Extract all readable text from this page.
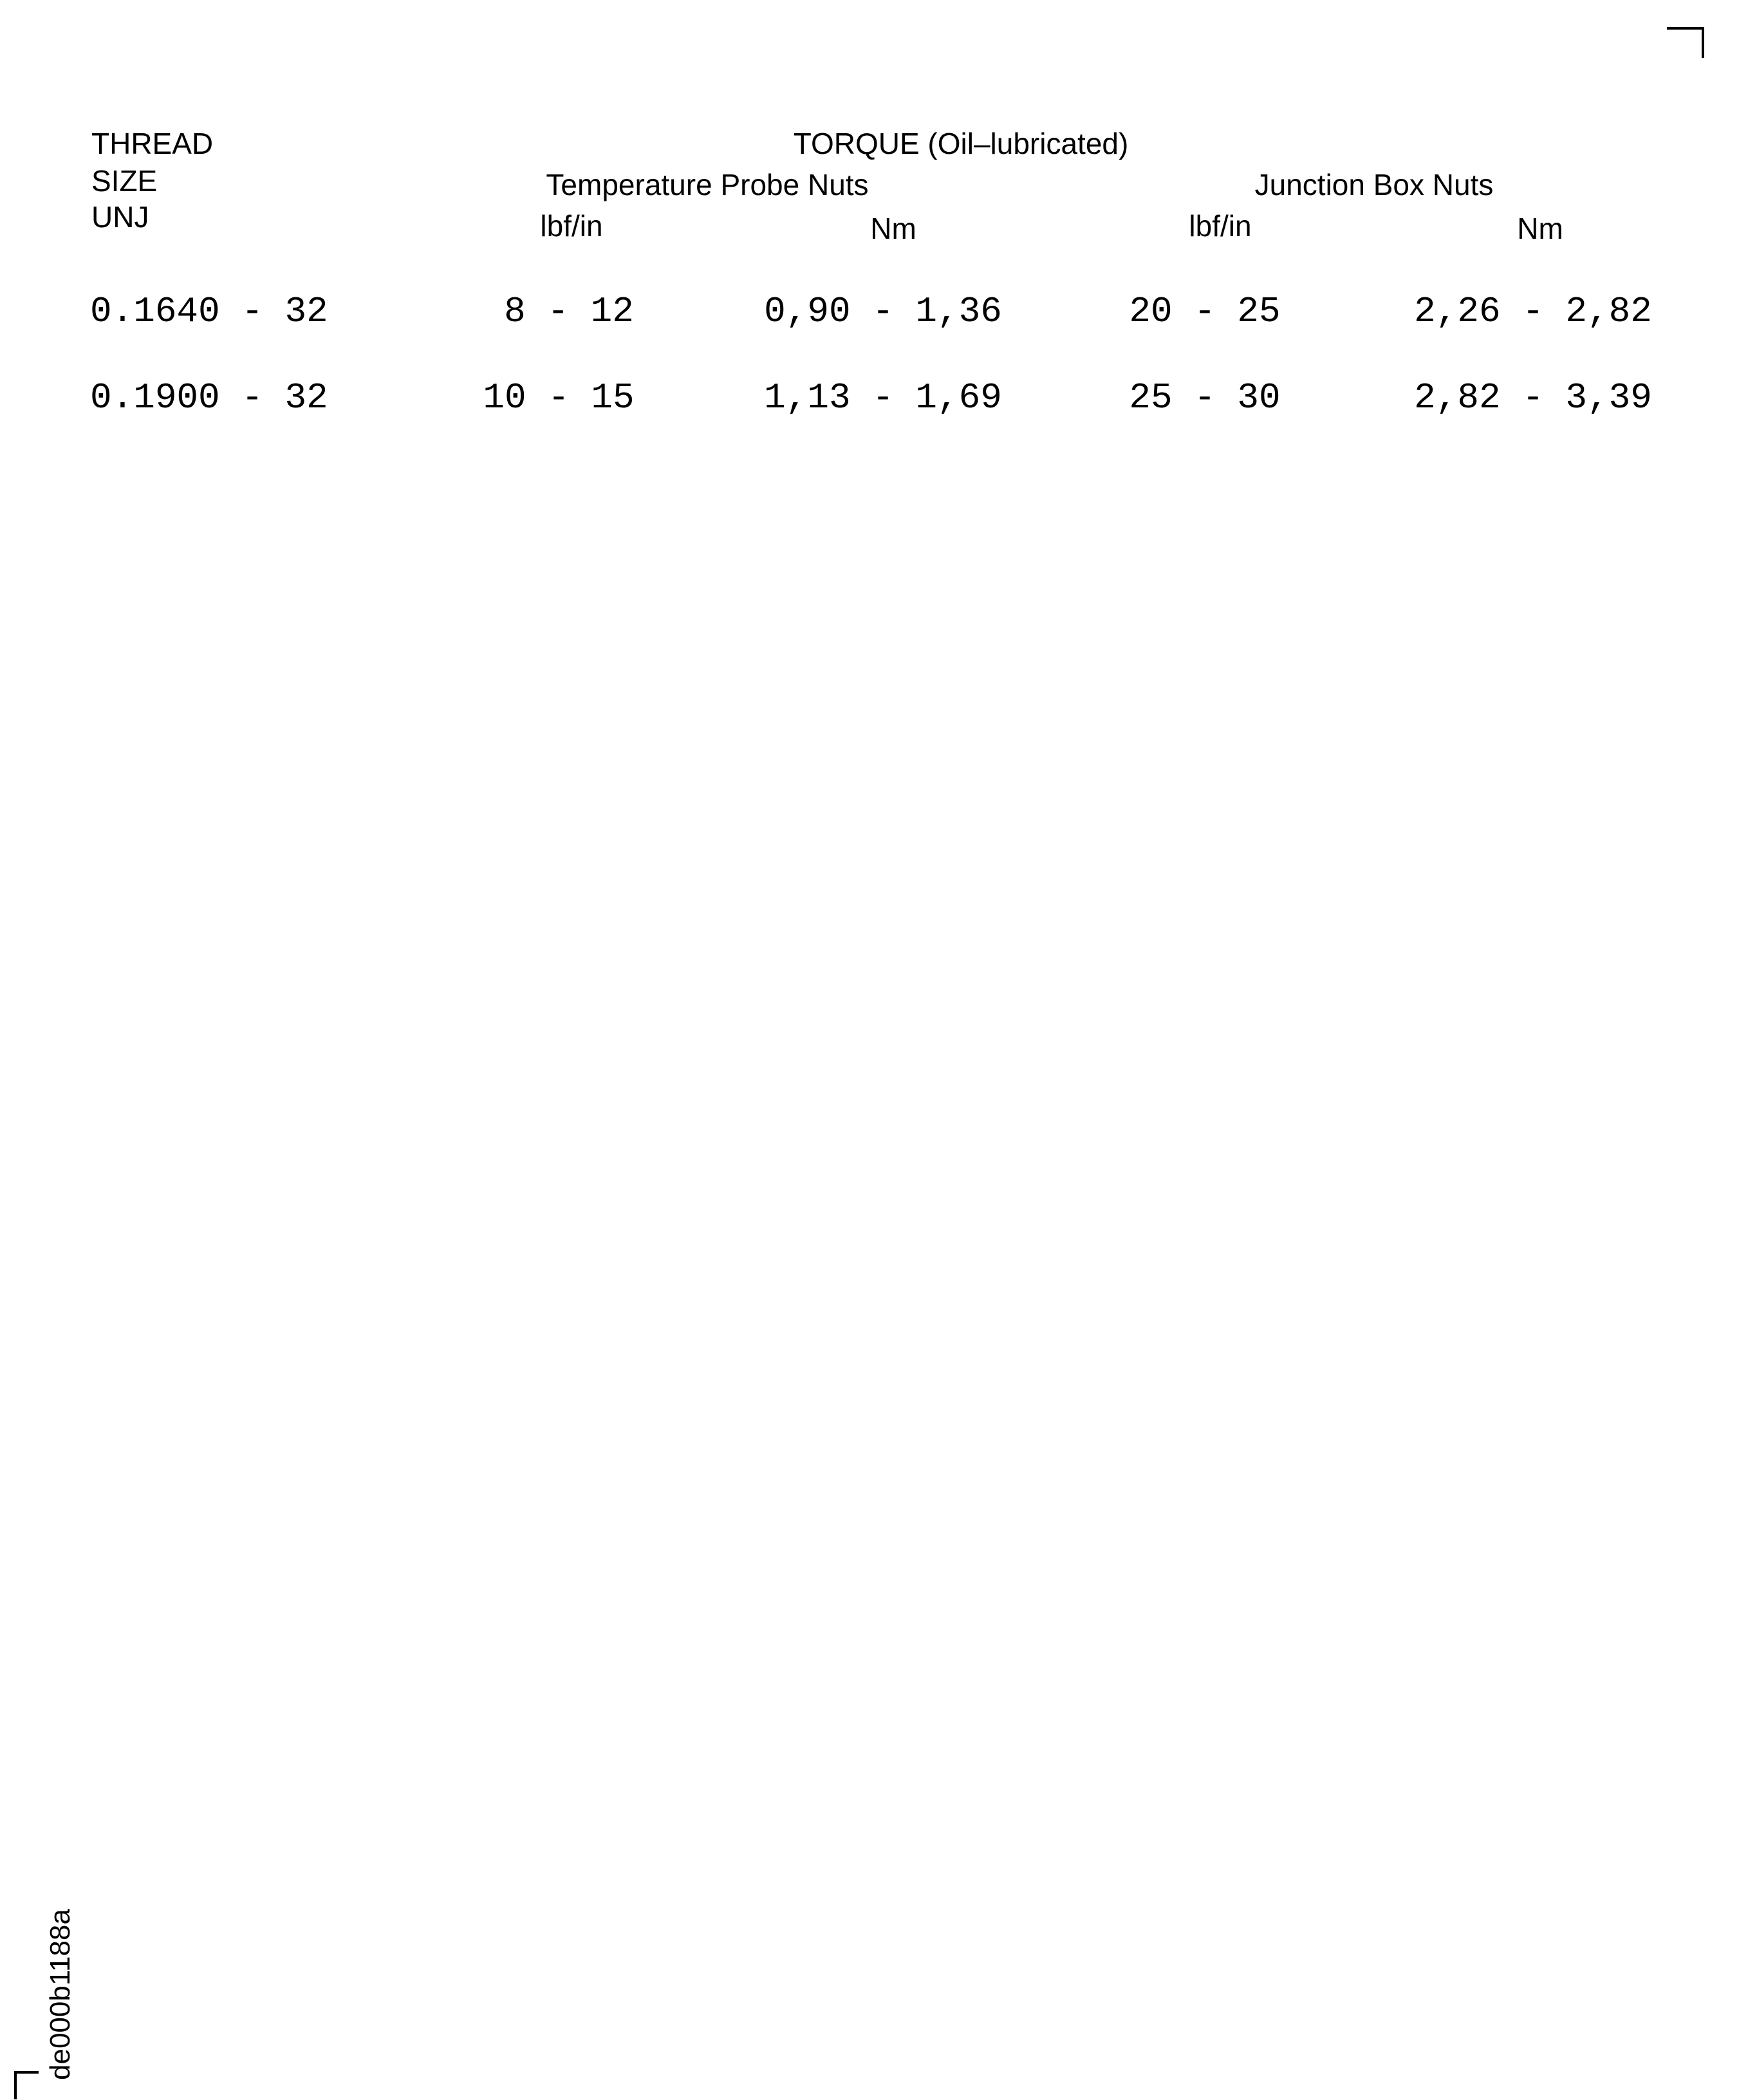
THREAD
SIZE
UNJ
TORQUE (Oil–lubricated)
Temperature Probe Nuts	Junction Box Nuts
lbf/in	Nm	lbf/in	Nm
0.1640 - 32	8 - 12	0,90 - 1,36	20 - 25	2,26 - 2,82
0.1900 - 32	10 - 15	1,13 - 1,69	25 - 30	2,82 - 3,39
de000b1188a
